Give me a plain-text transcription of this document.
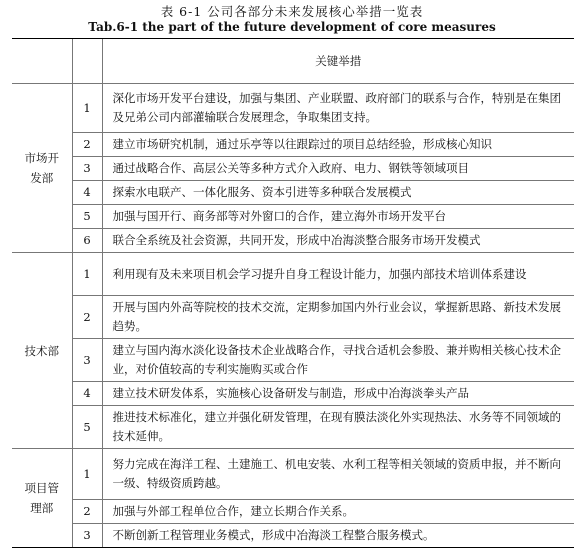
表 6-1 公司各部分未来发展核心举措一览表
Tab.6-1 the part of the future development of core measures
		关键举措

市场开发部	1	深化市场开发平台建设，加强与集团、产业联盟、政府部门的联系与合作，特别是在集团及兄弟公司内部灌输联合发展理念，争取集团支持。
	2	建立市场研究机制，通过乐亭等以往跟踪过的项目总结经验，形成核心知识
	3	通过战略合作、高层公关等多种方式介入政府、电力、钢铁等领域项目
	4	探索水电联产、一体化服务、资本引进等多种联合发展模式
	5	加强与国开行、商务部等对外窗口的合作，建立海外市场开发平台
	6	联合全系统及社会资源，共同开发，形成中冶海淡整合服务市场开发模式

技术部	1	利用现有及未来项目机会学习提升自身工程设计能力，加强内部技术培训体系建设
	2	开展与国内外高等院校的技术交流，定期参加国内外行业会议，掌握新思路、新技术发展趋势。
	3	建立与国内海水淡化设备技术企业战略合作，寻找合适机会参股、兼并购相关核心技术企业，对价值较高的专利实施购买或合作
	4	建立技术研发体系，实施核心设备研发与制造，形成中冶海淡拳头产品
	5	推进技术标准化，建立并强化研发管理，在现有膜法淡化外实现热法、水务等不同领域的技术延伸。

项目管理部	1	努力完成在海洋工程、土建施工、机电安装、水利工程等相关领域的资质申报，并不断向一级、特级资质跨越。
	2	加强与外部工程单位合作，建立长期合作关系。
	3	不断创新工程管理业务模式，形成中冶海淡工程整合服务模式。
